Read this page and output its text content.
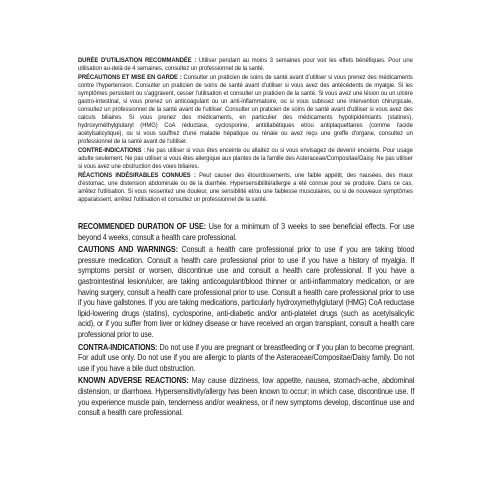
DURÉE D'UTILISATION RECOMMANDÉE : Utiliser pendant au moins 3 semaines pour voir les effets bénéfiques. Pour une utilisation au-delà de 4 semaines, consultez un professionnel de la santé.

PRÉCAUTIONS ET MISE EN GARDE : Consulter un praticien de soins de santé avant d'utiliser si vous prenez des médicaments contre l'hypertension. Consulter un praticien de soins de santé avant d'utiliser si vous avez des antécédents de myalgie. Si les symptômes persistent ou s'aggravent, cesser l'utilisation et consulter un praticien de la santé. Si vous avez une lésion ou un ulcère gastro-intestinal, si vous prenez un anticoagulant ou un anti-inflammatoire, ou si vous subissez une intervention chirurgicale, consultez un professionnel de la santé avant de l'utiliser. Consulter un praticien de soins de santé avant d'utiliser si vous avez des calculs biliaires. Si vous prenez des médicaments, en particulier des médicaments hypolipidémiants (statines), hydroxyméthylglutaryl (HMG) CoA réductase, cyclosporine, antidiabétiques et/ou antiplaquettaires (comme l'acide acétylsalicylique), ou si vous souffrez d'une maladie hépatique ou rénale ou avez reçu une greffe d'organe, consultez un professionnel de la santé avant de l'utiliser.

CONTRE-INDICATIONS : Ne pas utiliser si vous êtes enceinte ou allaitez ou si vous envisagez de devenir enceinte. Pour usage adulte seulement. Ne pas utiliser si vous êtes allergique aux plantes de la famille des Asteraceae/Compositae/Daisy. Ne pas utiliser si vous avez une obstruction des voies biliaires.

RÉACTIONS INDÉSIRABLES CONNUES : Peut causer des étourdissements, une faible appétit, des nausées, des maux d'estomac, une distension abdominale ou de la diarrhée. Hypersensibilité/allergie a été connue pour se produire. Dans ce cas, arrêtez l'utilisation. Si vous ressentez une douleur, une sensibilité et/ou une faiblesse musculaires, ou si de nouveaux symptômes apparaissent, arrêtez l'utilisation et consultez un professionnel de la santé.

RECOMMENDED DURATION OF USE: Use for a minimum of 3 weeks to see beneficial effects. For use beyond 4 weeks, consult a health care professional.

CAUTIONS AND WARNINGS: Consult a health care professional prior to use if you are taking blood pressure medication. Consult a health care professional prior to use if you have a history of myalgia. If symptoms persist or worsen, discontinue use and consult a health care professional. If you have a gastrointestinal lesion/ulcer, are taking anticoagulant/blood thinner or anti-inflammatory medication, or are having surgery, consult a health care professional prior to use. Consult a health care professional prior to use if you have gallstones. If you are taking medications, particularly hydroxymethylglutaryl (HMG) CoA reductase lipid-lowering drugs (statins), cyclosporine, anti-diabetic and/or anti-platelet drugs (such as acetylsalicylic acid), or if you suffer from liver or kidney disease or have received an organ transplant, consult a health care professional prior to use.

CONTRA-INDICATIONS: Do not use if you are pregnant or breastfeeding or if you plan to become pregnant. For adult use only. Do not use if you are allergic to plants of the Asteraceae/Compositae/Daisy family. Do not use if you have a bile duct obstruction.

KNOWN ADVERSE REACTIONS: May cause dizziness, low appetite, nausea, stomach-ache, abdominal distension, or diarrhoea. Hypersensitivity/allergy has been known to occur; in which case, discontinue use. If you experience muscle pain, tenderness and/or weakness, or if new symptoms develop, discontinue use and consult a health care professional.
